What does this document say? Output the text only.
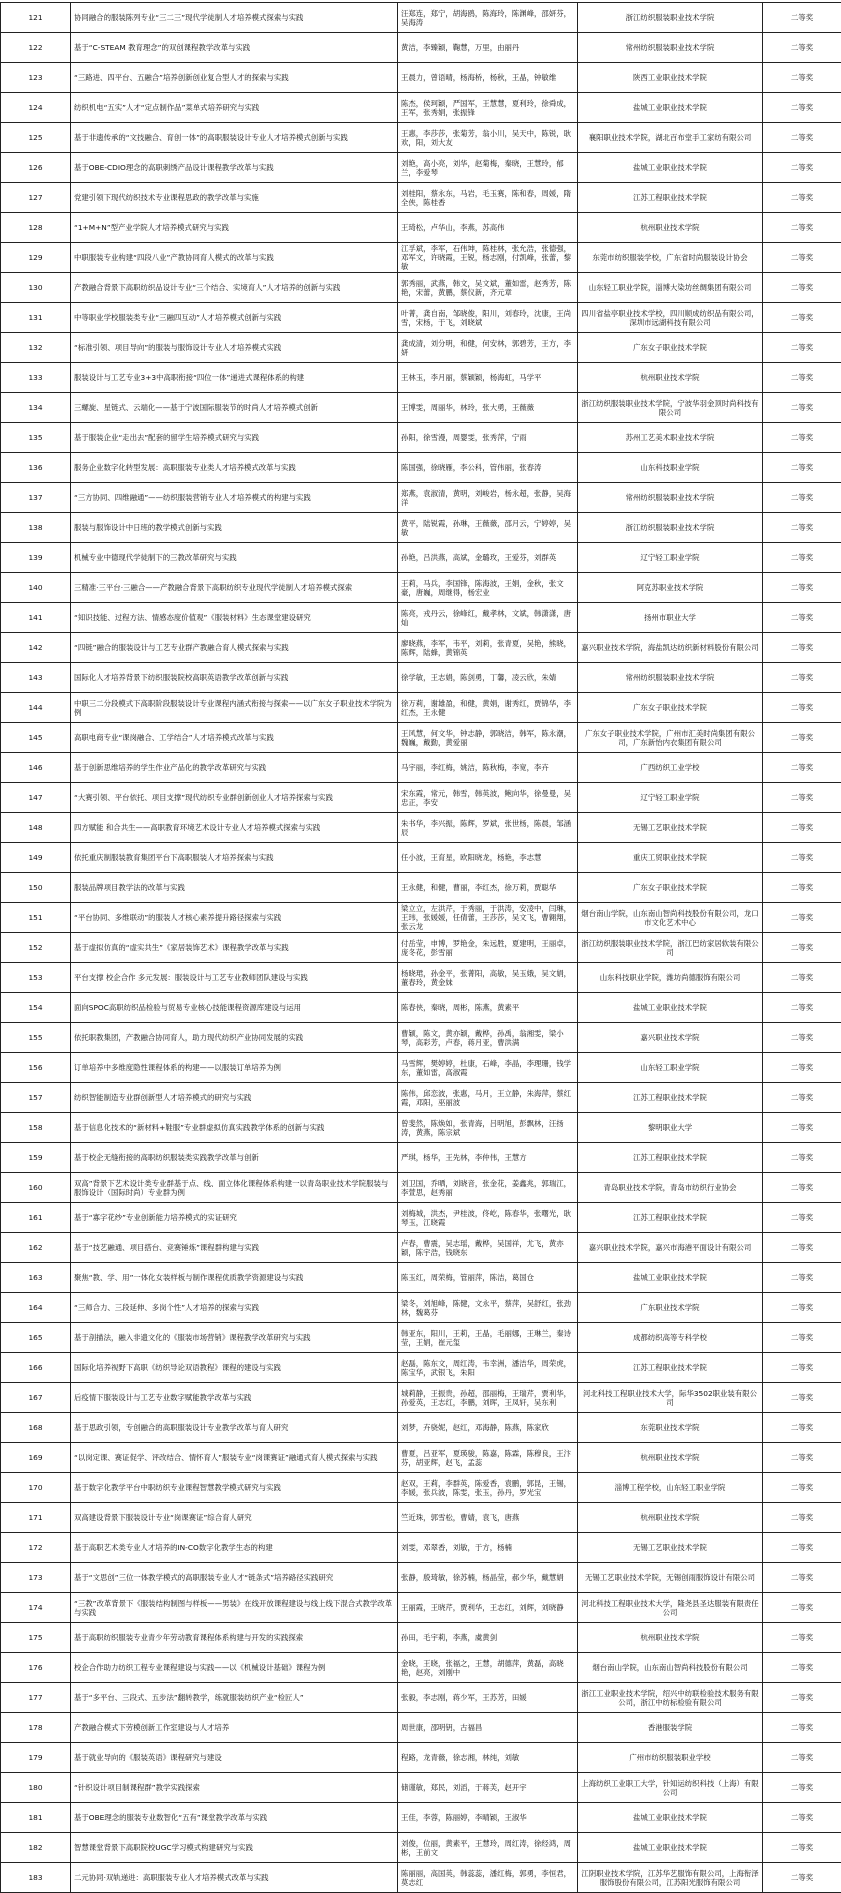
121	协同融合的服装陈列专业“三二三”现代学徒制人才培养模式探索与实践	汪郑连，郑宁，胡海鸥，陈海玲，陈渊峰，邵妍芬，吴海涛	浙江纺织服装职业技术学院	二等奖
122	基于“C-STEAM 教育理念”的双创课程教学改革与实践	黄洁，李臻颖，鞠慧，万里，由丽丹	常州纺织服装职业技术学院	二等奖
123	“三路进、四平台、五融合”培养创新创业复合型人才的探索与实践	王晨力，曾语晴，杨海桥，杨秋，王晶，钟敏维	陕西工业职业技术学院	二等奖
124	纺织机电“五实”人才“定点制作品”菜单式培养研究与实践	陈杰，侯珂颖，严国军，王慧慧，夏利玲，徐舜成，王军，张秀娟，张振锋	盐城工业职业技术学院	二等奖
125	基于非遗传承的“文技融合、育创一体”的高职服装设计专业人才培养模式创新与实践	王惠，李莎莎，张菊芳，翁小川，吴天中，陈锐，耿欢，阳，刘大友	襄阳职业技术学院，湖北百布堂手工家纺有限公司	二等奖
126	基于OBE-CDIO理念的高职刺绣产品设计课程教学改革与实践	刘艳，高小亮，刘华，赵菊梅，秦晓，王慧玲，郁兰，李爱琴	盐城工业职业技术学院	二等奖
127	党建引领下现代纺织技术专业课程思政的教学改革与实施	刘桂阳，蔡永东，马岩，毛玉赛，陈和春，周媛，隋全侠，陈桂香	江苏工程职业技术学院	二等奖
128	“1+M+N”型产业学院人才培养模式研究与实践	王琦松，卢华山，李燕，苏高伟	杭州职业技术学院	二等奖
129	中职服装专业构建“四段八业”产教协同育人模式的改革与实践	江孚斌，李军，石伟坤，陈桂林，张允浩，张德强，邓军文，许晓霞，王锐，杨志刚，付凯峰，张蕾，黎敏	东莞市纺织服装学校，广东省时尚服装设计协会	二等奖
130	产教融合背景下高职纺织品设计专业“三个结合、实境育人”人才培养的创新与实践	郭秀丽，武燕，韩文，吴文斌，董如雷，赵秀芳，陈艳，宋蕾，黄鹏，蔡仪新，齐元章	山东轻工职业学院，淄博大染坊丝绸集团有限公司	二等奖
131	中等职业学校服装类专业“三融四互动”人才培养模式创新与实践	叶菁，龚自南，邹晓俊，阳川，刘春玲，沈康，王尚雪，宋杨，于飞，刘晓斌	四川省盐亭职业技术学校，四川顺成纺织品有限公司，深圳市远湖科技有限公司	二等奖
132	“标准引领、项目导向”的服装与服饰设计专业人才培养模式实践	龚成清，刘分明，和健，何安林，郭碧芳，王方，李妍	广东女子职业技术学院	二等奖
133	服装设计与工艺专业3+3中高职衔接“四位一体”递进式课程体系的构建	王林玉，李月丽，蔡颖颖，杨海虹，马学平	杭州职业技术学院	二等奖
134	三螺旋、星链式、云端化——基于宁波国际服装节的时尚人才培养模式创新	王博雯，周丽华，林玲，张大勇，王薇薇	浙江纺织服装职业技术学院，宁波华羽金顶时尚科技有限公司	二等奖
135	基于服装企业“走出去”配套的留学生培养模式研究与实践	孙阳，徐雪漫，周婴雯，张秀萍，宁雨	苏州工艺美术职业技术学院	二等奖
136	服务企业数字化转型发展：高职服装专业类人才培养模式改革与实践	陈国强，徐晓雁，李公科，管伟丽，张春涛	山东科技职业学院	二等奖
137	“三方协同、四维融通”——纺织服装营销专业人才培养模式的构建与实践	郑燕，袁淑清，黄明，刘峻岩，杨永超，张静，吴海洋	常州纺织服装职业技术学院	二等奖
138	服装与服饰设计中日班的教学模式创新与实践	黄平，陆锐霞，孙琳，王薇薇，邵月云，宁婷婷，吴敏	浙江纺织服装职业技术学院	二等奖
139	机械专业中德现代学徒制下的三教改革研究与实践	孙艳，吕洪燕，高斌，金璐玫，王爱芬，刘群英	辽宁轻工职业学院	二等奖
140	三精准·三平台·三融合——产教融合背景下高职纺织专业现代学徒制人才培养模式探索	王莉，马兵，李国锋，陈海波，王娟，金秋，张文豪，唐巍，周继得，杨宏业	阿克苏职业技术学院	二等奖
141	“知识技能、过程方法、情感态度价值观”《服装材料》生态课堂建设研究	陈亮，戎丹云，徐峰红，戴孝林，文斌，韩潇潇，唐灿	扬州市职业大学	二等奖
142	“四链”融合的服装设计与工艺专业群产教融合育人模式探索与实践	廖晓燕，李军，韦平，刘莉，张青夏，吴艳，熊晓，陈辉，陆蜂，黄锦英	嘉兴职业技术学院，海盐凯达纺织新材料股份有限公司	二等奖
143	国际化人才培养背景下纺织服装院校高职英语教学改革创新与实践	徐学敏，王志娟，陈剑勇，丁馨，凌云欣，朱婧	常州纺织服装职业技术学院	二等奖
144	中职三二分段模式下高职阶段服装设计专业课程内涵式衔接与探索——以广东女子职业技术学院为例	徐万莉，谢雄盈，和健，黄娟，谢秀红，贾锦华，李红杰，王永健	广东女子职业技术学院	二等奖
145	高职电商专业“课岗融合、工学结合”人才培养模式改革与实践	王风慧，何文华，钟志静，郭晓洁，韩军，陈永潮，魏巍，戴勤，黄爱丽	广东女子职业技术学院，广州市汇美时尚集团有限公司，广东新怡内衣集团有限公司	二等奖
146	基于创新思维培养的学生作业产品化的教学改革研究与实践	马宇丽，李红梅，姚洁，陈秋梅，李宽，李卉	广西纺织工业学校	二等奖
147	“大赛引领、平台依托、项目支撑”现代纺织专业群创新创业人才培养探索与实践	宋东霞，常元，韩雪，韩英波，鲍向华，徐曼曼，吴忠正，李安	辽宁轻工职业学院	二等奖
148	四方赋能 和合共生——高职教育环境艺术设计专业人才培养模式探索与实践	朱书华，李兴振，陈辉，罗斌，张世杨，陈晨，邹涵辰	无锡工艺职业技术学院	二等奖
149	依托重庆制服装教育集团平台下高职服装人才培养探索与实践	任小波，王育星，欧阳晓龙，杨艳，李志慧	重庆工贸职业技术学院	二等奖
150	服装品牌项目教学法的改革与实践	王永健，和健，曹丽，李红杰，徐万莉，贾聪华	广东女子职业技术学院	二等奖
151	“平台协同、多维联动”的服装人才核心素养提升路径探索与实践	梁立立，左洪芹，于秀丽，于洪涛，安凌中，闫琳，王玮，张媛媛，任倩蕾，王莎莎，吴文飞，曹翱翔，张云龙	烟台南山学院，山东南山智尚科技股份有限公司，龙口市文化艺术中心	二等奖
152	基于虚拟仿真的“虚实共生”《家居装饰艺术》课程教学改革与实践	付岳莹，申博，罗艳金，朱远胜，夏建明，王丽卓，庞冬花，彭雪丽	浙江纺织服装职业技术学院，浙江巴纺家居软装有限公司	二等奖
153	平台支撑 校企合作 多元发展：服装设计与工艺专业教师团队建设与实践	杨晓珺，孙金平，张菁阳，高敏，吴玉娥，吴文娟，董春玲，黄金妹	山东科技职业学院，潍坊尚德服饰有限公司	二等奖
154	面向SPOC高职纺织品检验与贸易专业核心技能课程资源库建设与运用	陈春侠，秦晓，周彬，陈燕，黄素平	盐城工业职业技术学院	二等奖
155	依托职教集团，产教融合协同育人，助力现代纺织产业协同发展的实践	曹颖，陈文，黄亦颖，戴桦，孙禹，翁湘雯，梁小琴，高彩芳，卢春，蒋月亚，曹洪满	嘉兴职业技术学院	二等奖
156	订单培养中多维度隐性课程体系的构建——以服装订单培养为例	马雪辉，樊婷婷，杜康，石峰，李晶，李理珊，钱学东，董如雷，高淑霞	山东轻工职业学院	二等奖
157	纺织智能制造专业群创新型人才培养模式的研究与实践	陈伟，邱恋波，张惠，马月，王立静，朱海萍，蔡红霞，邓阳，巫丽波	江苏工程职业技术学院	二等奖
158	基于信息化技术的“新材料+鞋服”专业群虚拟仿真实践教学体系的创新与实践	曾斐然，陈焕如，张青海，吕明旭，彭飘林，汪扬涛，黄燕，陈宗斌	黎明职业大学	二等奖
159	基于校企无缝衔接的高职纺织服装类实践教学改革与创新	严琪，杨华，王先林，李仲伟，王慧方	江苏工程职业技术学院	二等奖
160	双高”背景下艺术设计类专业群基于点、线、面立体化课程体系构建一以青岛职业技术学院服装与服饰设计（国际时尚）专业群为例	刘卫国，乔晒，刘晓音，张金花，姜鑫兆，郭瑞江，李萱思，赵秀丽	青岛职业技术学院，青岛市纺织行业协会	二等奖
161	基于“寡字花纱”专业创新能力培养模式的实证研究	刘梅城，洪杰，尹桂波，佟屹，陈春华，张曙光，耿琴玉，江晓霞	江苏工程职业技术学院	二等奖
162	基于“技艺融通、项目搭台、竞赛锤炼”课程群构建与实践	卢春，曹震，吴志瑶，戴桦，吴国祥，尤飞，黄亦颖，陈宇浩，钱晓东	嘉兴职业技术学院，嘉兴市海港平面设计有限公司	二等奖
163	聚焦“教、学、用”一体化女装样板与制作课程优质教学资源建设与实践	陈玉红，周荣梅，管丽萍，陈洁，葛国仓	盐城工业职业技术学院	二等奖
164	“三师合力、三段延伸、多岗个性”人才培养的探索与实践	梁冬，刘旭峰，陈健，文永平，蔡萍，吴舒红，张劲林，魏葛芬	广东职业技术学院	二等奖
165	基于剖描法，融入非遗文化的《服装市场营销》课程教学改革研究与实践	韩亚东，阳川，王莉，王晶，毛丽娜，王琳兰，秦诗莹，王娟，崔元玺	成都纺织高等专科学校	二等奖
166	国际化培养视野下高职《纺织导论双语教程》课程的建设与实践	赵磊，陈东文，周红涛，韦幸洲，潘洁华，周荣虎，陈宝华，武银飞，朱阳	江苏工程职业技术学院	二等奖
167	后疫情下服装设计与工艺专业数字赋能教学改革与实践	城莉静，王振贵，孙超，邵丽梅，王瑞芹，贾利华，孙爱英，王志红，李鹏，刘晖，王凤轩，吴东利	河北科技工程职业技术大学，际华3502职业装有限公司	二等奖
168	基于思政引领，专创融合的高职服装设计专业教学改革与育人研究	刘梦，卉骁妮，赵红，邓海静，陈燕，陈家欣	东莞职业技术学院	二等奖
169	“以岗定课、赛证促学、评改结合、情怀育人”服装专业“岗课赛证”融通式育人模式探索与实践	曹夏，吕亚军，夏瑛骏，陈嘉，陈霖，陈穆良，王汴芬，胡亚辉，赵飞，孟蕊	杭州职业技术学院	二等奖
170	基于数字化教学平台中职纺织专业课程智慧教学模式研究与实践	赵双，王莉，李群英，陈爱香，袁鹏，郭昆，王锡，李媛，张兵波，陈雯，张玉，孙丹，罗光宝	淄博工程学校，山东轻工职业学院	二等奖
171	双高建设背景下服装设计专业“岗课赛证”综合育人研究	竺近珠，郭雪松，曹婧，袁飞，唐燕	杭州职业技术学院	二等奖
172	基于高职艺术类专业人才培养的IN-CO数字化教学生态的构建	刘雯，邓翠香，刘敏，于方，杨楠	无锡工艺职业技术学院	二等奖
173	基于“文思创”三位一体教学模式的高职服装专业人才“链条式”培养路径实践研究	张静，殷琦敏，徐苏楠，杨晶莹，郝少华，戴慧娟	无锡工艺职业技术学院，无锡创雨服饰设计有限公司	二等奖
174	“三教”改革背景下《服装结构制图与样板——男装》在线开放课程建设与线上线下混合式教学改革与实践	王丽霞，王晓芹，贾利华，王志红，刘辉，刘晓静	河北科技工程职业技术大学，隆尧县圣达服装有限责任公司	二等奖
175	基于高职纺织服装专业青少年劳动教育课程体系构建与开发的实践探索	孙田，毛宇莉，李燕，虞黄剑	杭州职业技术学院	二等奖
176	校企合作助力纺织工程专业课程建设与实践——以《机械设计基础》课程为例	金晓，王晓，张福之，王慧，胡德萍，黄磊，高晓艳，赵亮，刘刚中	烟台南山学院，山东南山智尚科技股份有限公司	二等奖
177	基于“多平台、三段式、五步法”翻转教学，练就服装纺织产业“检匠人”	张毅，李志刚，蒋少军，王苏芳，田媛	浙江工业职业技术学院，绍兴中纺联检验技术服务有限公司，浙江中纺标检验有限公司	二等奖
178	产教融合模式下劳模创新工作室建设与人才培养	周世康，邵明钥，古福昌	香港服装学院	二等奖
179	基于就业导向的《服装英语》课程研究与建设	程路，龙青薇，徐志湘，林纯，刘敏	广州市纺织服装职业学校	二等奖
180	“针织设计项目制课程群”教学实践探索	储谨敏，郑民，刘滔，于蒋芙，赵开宇	上海纺织工业职工大学，针知运纺织科技（上海）有限公司	二等奖
181	基于OBE理念的服装专业数智化“五有”课堂教学改革与实践	王佳，李蓉，陈丽婷，李晴颖，王淑华	盐城工业职业技术学院	二等奖
182	智慧课堂背景下高职院校UGC学习模式构建研究与实践	刘俊，位丽，黄素平，王慧玲，周红涛，徐经鸿，周彬，王前文	盐城工业职业技术学院	二等奖
183	二元协同·双轨递进：高职服装专业人才培养模式改革与实践	陈丽丽，高国英，韩蕊蕊，潘红梅，郭勇，李恒君，莫志红	江阴职业技术学院，江苏华艺服饰有限公司，上海衔泽服饰股份有限公司，江苏阳光服饰有限公司	二等奖
